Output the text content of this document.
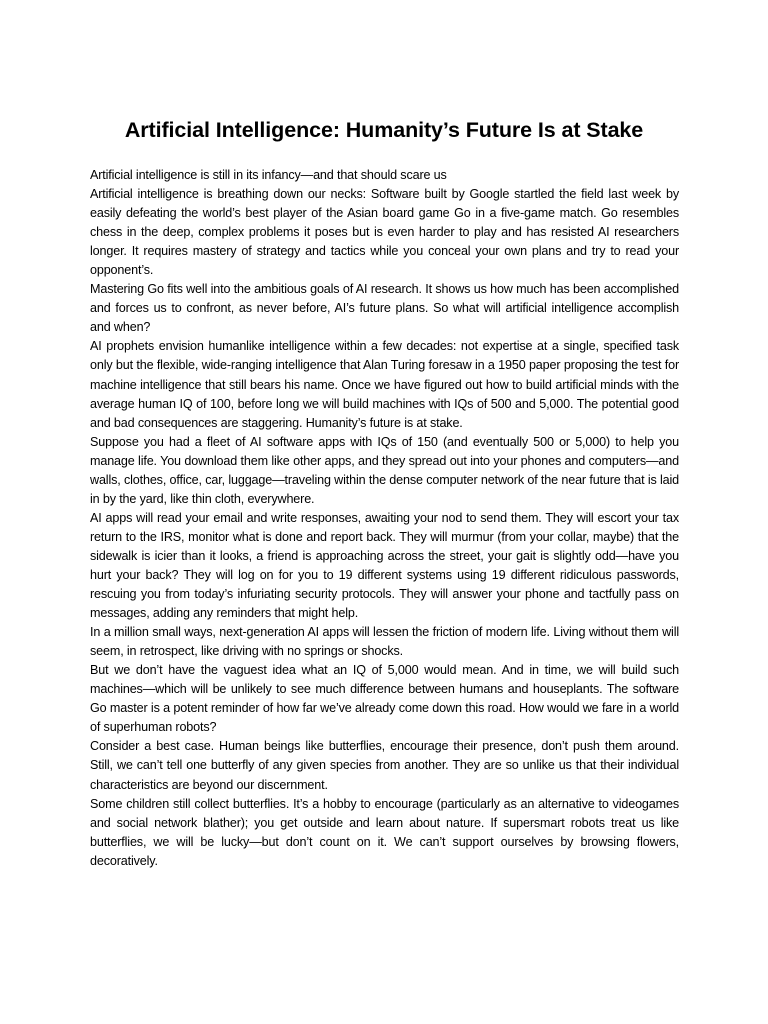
Artificial Intelligence: Humanity’s Future Is at Stake

Artificial intelligence is still in its infancy—and that should scare us

Artificial intelligence is breathing down our necks: Software built by Google startled the field last week by easily defeating the world’s best player of the Asian board game Go in a five-game match. Go resembles chess in the deep, complex problems it poses but is even harder to play and has resisted AI researchers longer. It requires mastery of strategy and tactics while you conceal your own plans and try to read your opponent’s.

Mastering Go fits well into the ambitious goals of AI research. It shows us how much has been accomplished and forces us to confront, as never before, AI’s future plans. So what will artificial intelligence accomplish and when?

AI prophets envision humanlike intelligence within a few decades: not expertise at a single, specified task only but the flexible, wide-ranging intelligence that Alan Turing foresaw in a 1950 paper proposing the test for machine intelligence that still bears his name. Once we have figured out how to build artificial minds with the average human IQ of 100, before long we will build machines with IQs of 500 and 5,000. The potential good and bad consequences are staggering. Humanity’s future is at stake.

Suppose you had a fleet of AI software apps with IQs of 150 (and eventually 500 or 5,000) to help you manage life. You download them like other apps, and they spread out into your phones and computers—and walls, clothes, office, car, luggage—traveling within the dense computer network of the near future that is laid in by the yard, like thin cloth, everywhere.

AI apps will read your email and write responses, awaiting your nod to send them. They will escort your tax return to the IRS, monitor what is done and report back. They will murmur (from your collar, maybe) that the sidewalk is icier than it looks, a friend is approaching across the street, your gait is slightly odd—have you hurt your back? They will log on for you to 19 different systems using 19 different ridiculous passwords, rescuing you from today’s infuriating security protocols. They will answer your phone and tactfully pass on messages, adding any reminders that might help.

In a million small ways, next-generation AI apps will lessen the friction of modern life. Living without them will seem, in retrospect, like driving with no springs or shocks.

But we don’t have the vaguest idea what an IQ of 5,000 would mean. And in time, we will build such machines—which will be unlikely to see much difference between humans and houseplants. The software Go master is a potent reminder of how far we’ve already come down this road. How would we fare in a world of superhuman robots?

Consider a best case. Human beings like butterflies, encourage their presence, don’t push them around. Still, we can’t tell one butterfly of any given species from another. They are so unlike us that their individual characteristics are beyond our discernment.

Some children still collect butterflies. It’s a hobby to encourage (particularly as an alternative to videogames and social network blather); you get outside and learn about nature. If supersmart robots treat us like butterflies, we will be lucky—but don’t count on it. We can’t support ourselves by browsing flowers, decoratively.
